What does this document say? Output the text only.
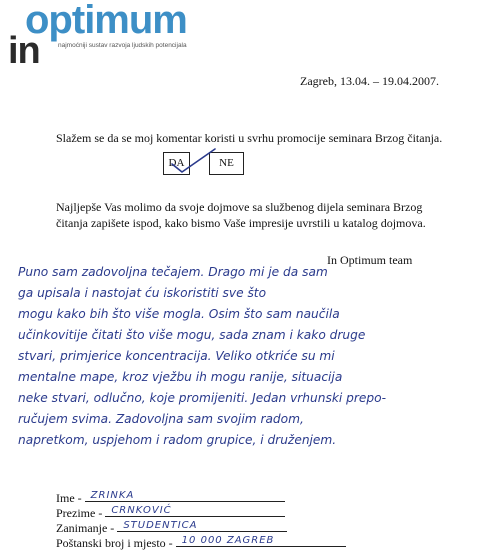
in
optimum
najmoćniji sustav razvoja ljudskih potencijala
Zagreb, 13.04. – 19.04.2007.
Slažem se da se moj komentar koristi u svrhu promocije seminara Brzog čitanja.
DA	NE
Najljepše Vas molimo da svoje dojmove sa službenog dijela seminara Brzog čitanja zapišete ispod, kako bismo Vaše impresije uvrstili u katalog dojmova.
In Optimum team
Puno sam zadovoljna tečajem. Drago mi je da sam
ga upisala i nastojat ću iskoristiti sve što
mogu kako bih što više mogla. Osim što sam naučila
učinkovitije čitati što više mogu, sada znam i kako druge
stvari, primjerice koncentracija. Veliko otkriće su mi
mentalne mape, kroz vježbu ih mogu ranije, situacija
neke stvari, odlučno, koje promijeniti. Jedan vrhunski prepo-
ručujem svima. Zadovoljna sam svojim radom,
napretkom, uspjehom i radom grupice, i druženjem.
Ime - ZRINKA
Prezime - CRNKOVIĆ
Zanimanje - STUDENTICA
Poštanski broj i mjesto - 10 000 ZAGREB
